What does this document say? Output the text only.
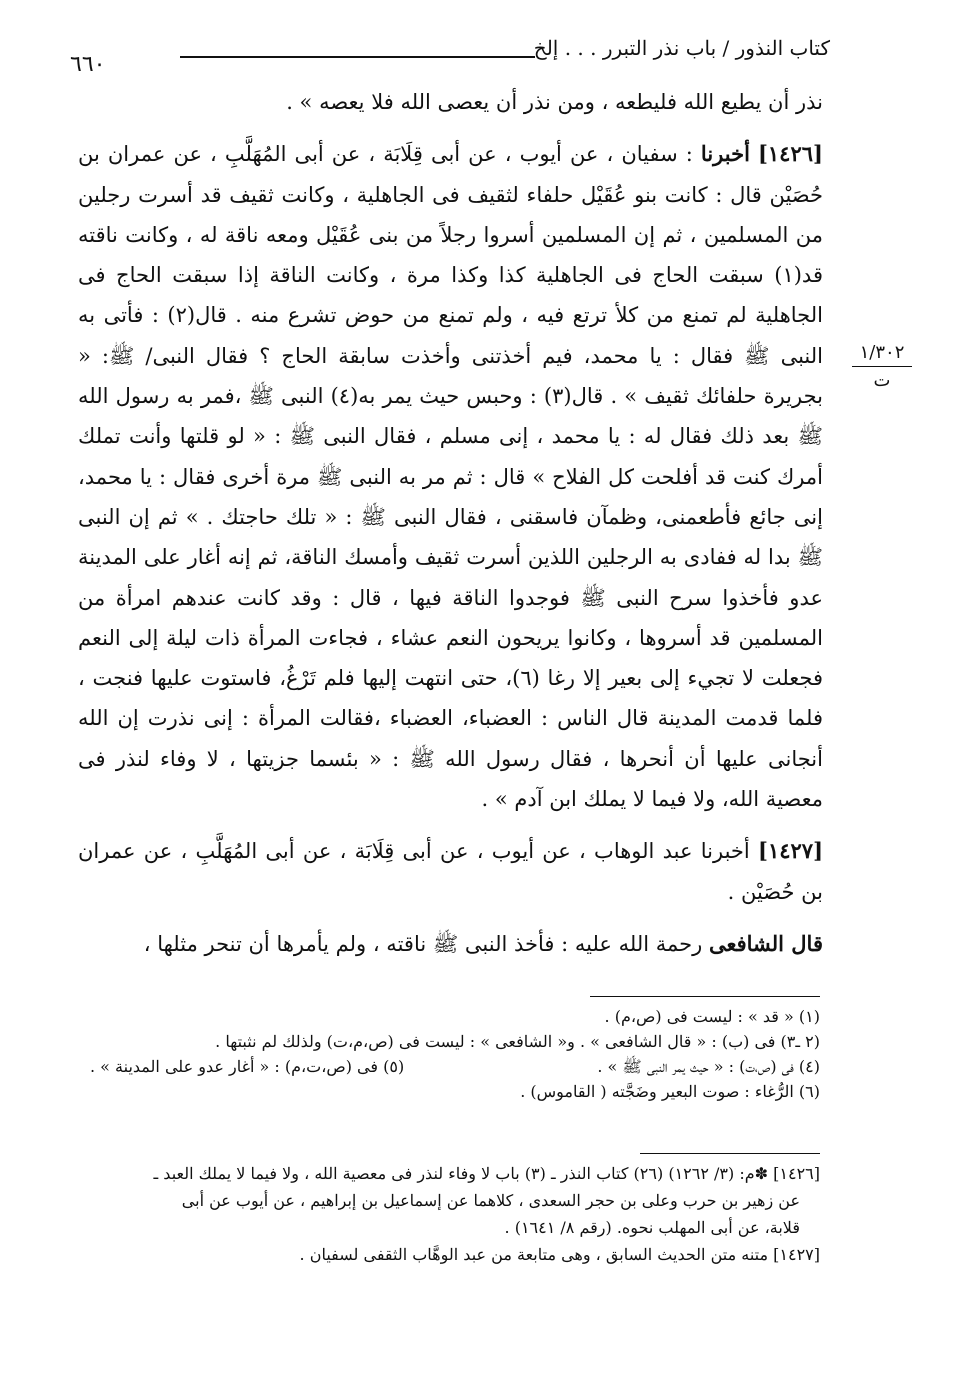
كتاب النذور / باب نذر التبرر . . . إلخ
٦٦٠
١/٣٠٢
ت

نذر أن يطيع الله فليطعه ، ومن نذر أن يعصى الله فلا يعصه » .

[١٤٢٦] أخبرنا : سفيان ، عن أيوب ، عن أبى قِلَابَة ، عن أبى المُهَلَّبِ ، عن عمران بن حُصَيْن قال : كانت بنو عُقَيْل حلفاء لثقيف فى الجاهلية ، وكانت ثقيف قد أسرت رجلين من المسلمين ، ثم إن المسلمين أسروا رجلاً من بنى عُقَيْل ومعه ناقة له ، وكانت ناقته قد(١) سبقت الحاج فى الجاهلية كذا وكذا مرة ، وكانت الناقة إذا سبقت الحاج فى الجاهلية لم تمنع من كلأ ترتع فيه ، ولم تمنع من حوض تشرع منه . قال(٢) : فأتى به النبى ﷺ فقال : يا محمد، فيم أخذتنى وأخذت سابقة الحاج ؟ فقال النبى/ ﷺ: « بجريرة حلفائك ثقيف » . قال(٣) : وحبس حيث يمر به(٤) النبى ﷺ ،فمر به رسول الله ﷺ بعد ذلك فقال له : يا محمد ، إنى مسلم ، فقال النبى ﷺ : « لو قلتها وأنت تملك أمرك كنت قد أفلحت كل الفلاح » قال : ثم مر به النبى ﷺ مرة أخرى فقال : يا محمد، إنى جائع فأطعمنى، وظمآن فاسقنى ، فقال النبى ﷺ : « تلك حاجتك . » ثم إن النبى ﷺ بدا له ففادى به الرجلين اللذين أسرت ثقيف وأمسك الناقة، ثم إنه أغار على المدينة عدو فأخذوا سرح النبى ﷺ فوجدوا الناقة فيها ، قال : وقد كانت عندهم امرأة من المسلمين قد أسروها ، وكانوا يريحون النعم عشاء ، فجاءت المرأة ذات ليلة إلى النعم فجعلت لا تجيء إلى بعير إلا رغا (٦)، حتى انتهت إليها فلم تَرْغُ، فاستوت عليها فنجت ، فلما قدمت المدينة قال الناس : العضباء، العضباء ،فقالت المرأة : إنى نذرت إن الله أنجانى عليها أن أنحرها ، فقال رسول الله ﷺ : « بئسما جزيتها ، لا وفاء لنذر فى معصية الله، ولا فيما لا يملك ابن آدم » .

[١٤٢٧] أخبرنا عبد الوهاب ، عن أيوب ، عن أبى قِلَابَة ، عن أبى المُهَلَّبِ ، عن عمران بن حُصَيْن .

قال الشافعى رحمة الله عليه : فأخذ النبى ﷺ ناقته ، ولم يأمرها أن تنحر مثلها ،

(١) « قد » : ليست فى (ص،م) .
(٢ ـ٣) فى (ب) : « قال الشافعى » . و« الشافعى » : ليست فى (ص،م،ت) ولذلك لم نثبتها .
(٤) فى (ص،ت) : « حيث يمر النبى ﷺ » .
(٥) فى (ص،ت،م) : « أغار عدو على المدينة » .
(٦) الرُّغاء : صوت البعير وضَجَّته ( القاموس) .
[١٤٢٦] ✽م: (٣/ ١٢٦٢) (٢٦) كتاب النذر ـ (٣) باب لا وفاء لنذر فى معصية الله ، ولا فيما لا يملك العبد ـ
عن زهير بن حرب وعلى بن حجر السعدى ، كلاهما عن إسماعيل بن إبراهيم ، عن أيوب عن أبى
قلابة، عن أبى المهلب نحوه. (رقم ٨/ ١٦٤١) .
[١٤٢٧] متنه متن الحديث السابق ، وهى متابعة من عبد الوهَّاب الثقفى لسفيان .
